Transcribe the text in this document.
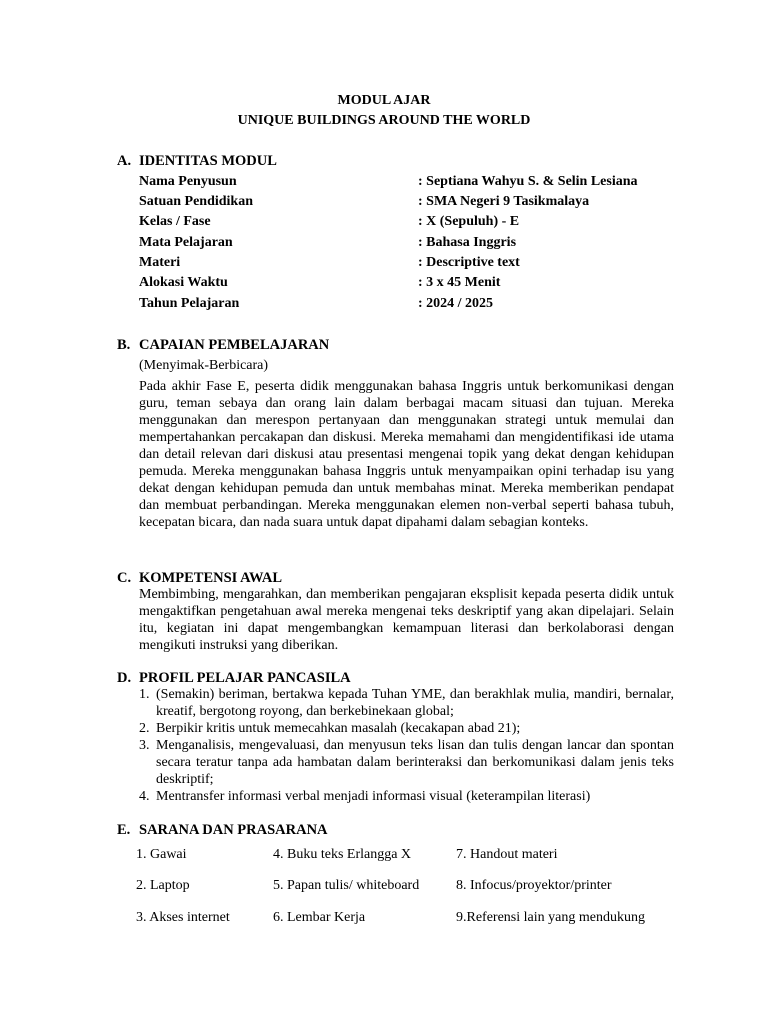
MODUL AJAR
UNIQUE BUILDINGS AROUND THE WORLD
A. IDENTITAS MODUL
Nama Penyusun	: Septiana Wahyu S. & Selin Lesiana
Satuan Pendidikan	: SMA Negeri 9 Tasikmalaya
Kelas / Fase	: X (Sepuluh) - E
Mata Pelajaran	: Bahasa Inggris
Materi	: Descriptive text
Alokasi Waktu	: 3 x 45 Menit
Tahun Pelajaran	: 2024 / 2025
B. CAPAIAN PEMBELAJARAN
(Menyimak-Berbicara)
Pada akhir Fase E, peserta didik menggunakan bahasa Inggris untuk berkomunikasi dengan guru, teman sebaya dan orang lain dalam berbagai macam situasi dan tujuan. Mereka menggunakan dan merespon pertanyaan dan menggunakan strategi untuk memulai dan mempertahankan percakapan dan diskusi. Mereka memahami dan mengidentifikasi ide utama dan detail relevan dari diskusi atau presentasi mengenai topik yang dekat dengan kehidupan pemuda. Mereka menggunakan bahasa Inggris untuk menyampaikan opini terhadap isu yang dekat dengan kehidupan pemuda dan untuk membahas minat. Mereka memberikan pendapat dan membuat perbandingan. Mereka menggunakan elemen non-verbal seperti bahasa tubuh, kecepatan bicara, dan nada suara untuk dapat dipahami dalam sebagian konteks.
C. KOMPETENSI AWAL
Membimbing, mengarahkan, dan memberikan pengajaran eksplisit kepada peserta didik untuk mengaktifkan pengetahuan awal mereka mengenai teks deskriptif yang akan dipelajari. Selain itu, kegiatan ini dapat mengembangkan kemampuan literasi dan berkolaborasi dengan mengikuti instruksi yang diberikan.
D. PROFIL PELAJAR PANCASILA
1. (Semakin) beriman, bertakwa kepada Tuhan YME, dan berakhlak mulia, mandiri, bernalar, kreatif, bergotong royong, dan berkebinekaan global;
2. Berpikir kritis untuk memecahkan masalah (kecakapan abad 21);
3. Menganalisis, mengevaluasi, dan menyusun teks lisan dan tulis dengan lancar dan spontan secara teratur tanpa ada hambatan dalam berinteraksi dan berkomunikasi dalam jenis teks deskriptif;
4. Mentransfer informasi verbal menjadi informasi visual (keterampilan literasi)
E. SARANA DAN PRASARANA
1. Gawai	4. Buku teks Erlangga X	7. Handout materi
2. Laptop	5. Papan tulis/ whiteboard	8. Infocus/proyektor/printer
3. Akses internet	6. Lembar Kerja	9.Referensi lain yang mendukung
